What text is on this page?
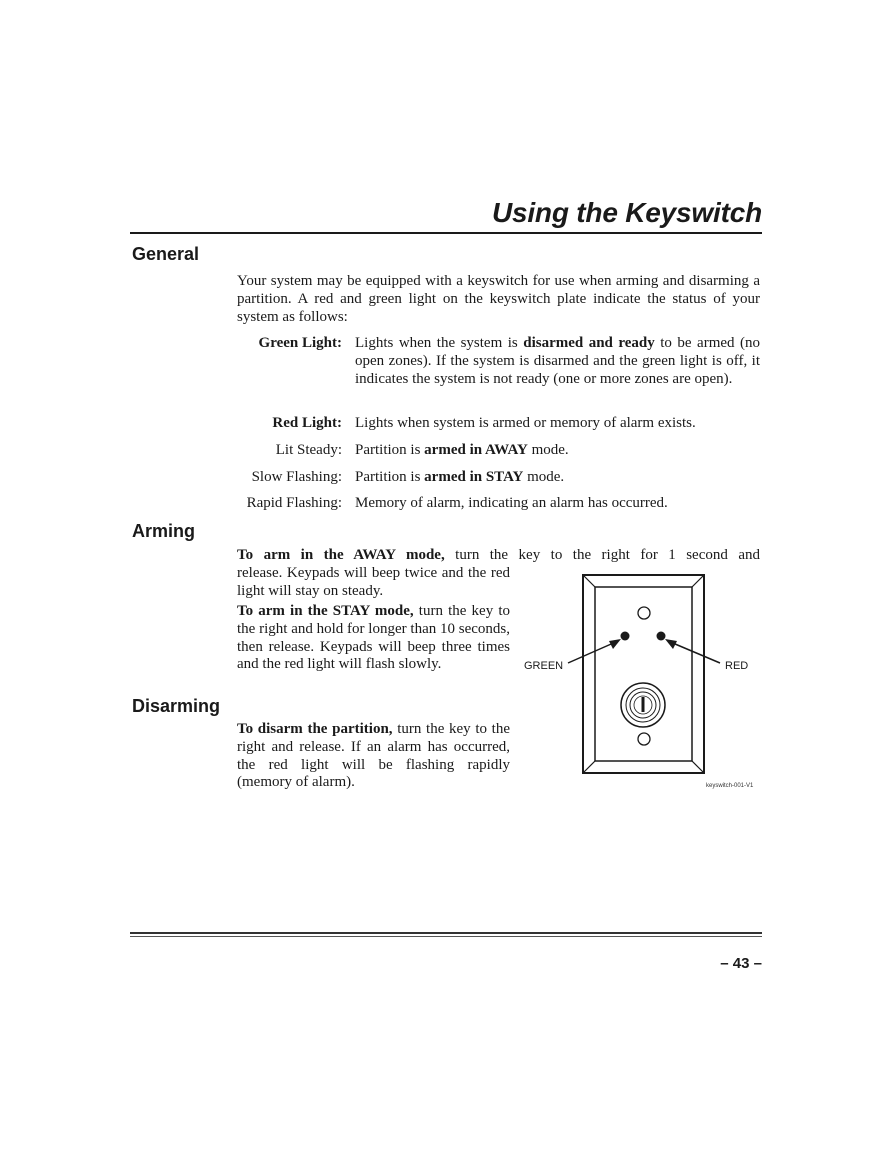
Using the Keyswitch
General
Your system may be equipped with a keyswitch for use when arming and disarming a partition. A red and green light on the keyswitch plate indicate the status of your system as follows:
Green Light: Lights when the system is disarmed and ready to be armed (no open zones). If the system is disarmed and the green light is off, it indicates the system is not ready (one or more zones are open).
Red Light: Lights when system is armed or memory of alarm exists.
Lit Steady: Partition is armed in AWAY mode.
Slow Flashing: Partition is armed in STAY mode.
Rapid Flashing: Memory of alarm, indicating an alarm has occurred.
Arming
To arm in the AWAY mode, turn the key to the right for 1 second and
release. Keypads will beep twice and the red light will stay on steady.
To arm in the STAY mode, turn the key to the right and hold for longer than 10 seconds, then release. Keypads will beep three times and the red light will flash slowly.
Disarming
To disarm the partition, turn the key to the right and release. If an alarm has occurred, the red light will be flashing rapidly (memory of alarm).
GREEN	RED
keyswitch-001-V1
– 43 –
